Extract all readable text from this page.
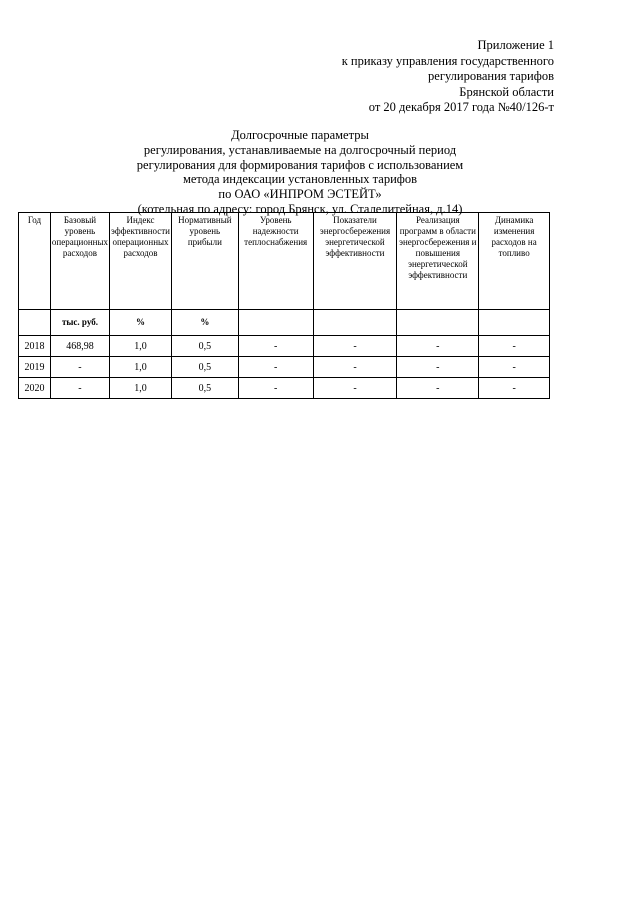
Приложение 1
к приказу управления государственного
регулирования тарифов
Брянской области
от 20 декабря 2017 года №40/126-т
Долгосрочные параметры
регулирования, устанавливаемые на долгосрочный период
регулирования для формирования тарифов с использованием
метода индексации установленных тарифов
по ОАО «ИНПРОМ ЭСТЕЙТ»
(котельная по адресу: город Брянск, ул. Сталелитейная, д.14)
Год	Базовый уровень операционных расходов	Индекс эффективности операционных расходов	Нормативный уровень прибыли	Уровень надежности теплоснабжения	Показатели энергосбережения энергетической эффективности	Реализация программ в области энергосбережения и повышения энергетической эффективности	Динамика изменения расходов на топливо
	тыс. руб.	%	%				
2018	468,98	1,0	0,5	-	-	-	-
2019	-	1,0	0,5	-	-	-	-
2020	-	1,0	0,5	-	-	-	-
